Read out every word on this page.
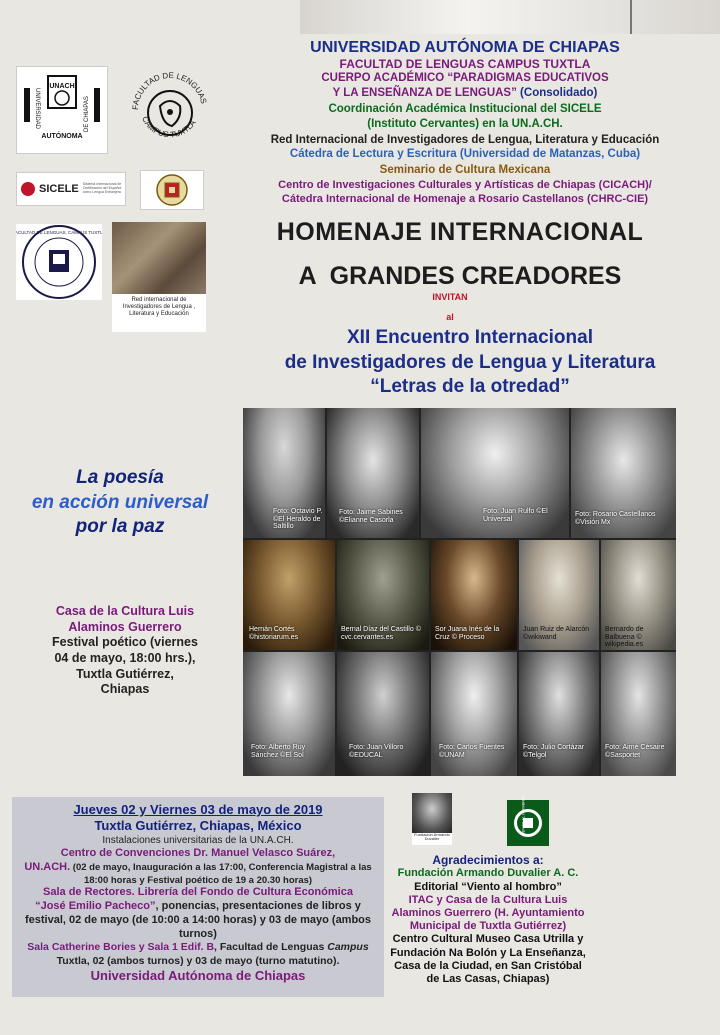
UNIVERSIDAD AUTÓNOMA DE CHIAPAS
FACULTAD DE LENGUAS CAMPUS TUXTLA
CUERPO ACADÉMICO “PARADIGMAS EDUCATIVOS
Y LA ENSEÑANZA DE LENGUAS” (Consolidado)
Coordinación Académica Institucional del SICELE
(Instituto Cervantes) en la UN.A.CH.
Red Internacional de Investigadores de Lengua, Literatura y Educación
Cátedra de Lectura y Escritura (Universidad de Matanzas, Cuba)
Seminario de Cultura Mexicana
Centro de Investigaciones Culturales y Artísticas de Chiapas (CICACH)/
Cátedra Internacional de Homenaje a Rosario Castellanos (CHRC-CIE)
UNACH
AUTÓNOMA
UNIVERSIDAD	DE CHIAPAS	FACULTAD DE LENGUAS
CAMPUS TUXTLA
SICELE Sistema Internacional de Certificación del Español como Lengua Extranjera
FACULTAD DE LENGUAS, CAMPUS TUXTLA
Red internacional de Investigadores de Lengua , Literatura y Educación
HOMENAJE INTERNACIONAL
A  GRANDES CREADORES
INVITAN
al
XII Encuentro Internacional
de Investigadores de Lengua y Literatura
“Letras de la otredad”
La poesía
en acción universal
por la paz
Casa de la Cultura Luis
Alaminos Guerrero
Festival poético (viernes
04 de mayo, 18:00 hrs.),
Tuxtla Gutiérrez,
Chiapas
Foto: Octavio P. ©El Heraldo de Saltillo
Foto: Jaime Sabines ©Elianne Casorla
Foto: Juan Rulfo ©El Universal
Foto: Rosario Castellanos ©Visión Mx
Hernán Cortés ©historiarum.es
Bernal Díaz del Castillo © cvc.cervantes.es
Sor Juana Inés de la Cruz © Proceso
Juan Ruiz de Alarcón ©wikiwand
Bernardo de Balbuena © wikipedia.es
Foto: Alberto Ruy Sánchez ©El Sol
Foto: Juan Villoro ©EDUCAL
Foto: Carlos Fuentes ©UNAM
Foto: Julio Cortázar ©Telgol
Foto: Aimé Césaire ©Sasportet
Jueves 02 y Viernes 03 de mayo de 2019
Tuxtla Gutiérrez, Chiapas, México
Instalaciones universitarias de la UN.A.CH.
Centro de Convenciones Dr. Manuel Velasco Suárez,
UN.ACH. (02 de mayo, Inauguración a las 17:00, Conferencia Magistral a las 18:00 horas y Festival poético de 19 a 20.30 horas)
Sala de Rectores. Librería del Fondo de Cultura Económica
“José Emilio Pacheco”, ponencias, presentaciones de libros y festival, 02 de mayo (de 10:00 a 14:00 horas) y 03 de mayo (ambos turnos)
Sala Catherine Bories y Sala 1 Edif. B, Facultad de Lenguas Campus Tuxtla, 02 (ambos turnos) y 03 de mayo (turno matutino).
Universidad Autónoma de Chiapas
Fundación Armando Duvalier
VIENTO AL HOMBRO
Agradecimientos a:
Fundación Armando Duvalier A. C.
Editorial “Viento al hombro”
ITAC y Casa de la Cultura Luis Alaminos Guerrero (H. Ayuntamiento Municipal de Tuxtla Gutiérrez)
Centro Cultural Museo Casa Utrilla y Fundación Na Bolón y La Enseñanza, Casa de la Ciudad, en San Cristóbal de Las Casas, Chiapas)
